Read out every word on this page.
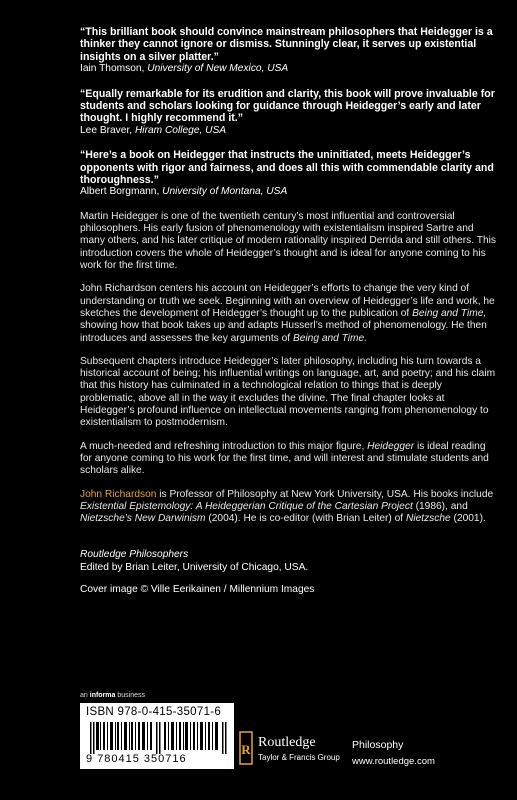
“This brilliant book should convince mainstream philosophers that Heidegger is a thinker they cannot ignore or dismiss. Stunningly clear, it serves up existential insights on a silver platter.”
Iain Thomson, University of New Mexico, USA
“Equally remarkable for its erudition and clarity, this book will prove invaluable for students and scholars looking for guidance through Heidegger’s early and later thought. I highly recommend it.”
Lee Braver, Hiram College, USA
“Here’s a book on Heidegger that instructs the uninitiated, meets Heidegger’s opponents with rigor and fairness, and does all this with commendable clarity and thoroughness.”
Albert Borgmann, University of Montana, USA

Martin Heidegger is one of the twentieth century’s most influential and controversial philosophers. His early fusion of phenomenology with existentialism inspired Sartre and many others, and his later critique of modern rationality inspired Derrida and still others. This introduction covers the whole of Heidegger’s thought and is ideal for anyone coming to his work for the first time.

John Richardson centers his account on Heidegger’s efforts to change the very kind of understanding or truth we seek. Beginning with an overview of Heidegger’s life and work, he sketches the development of Heidegger’s thought up to the publication of Being and Time, showing how that book takes up and adapts Husserl’s method of phenomenology. He then introduces and assesses the key arguments of Being and Time.

Subsequent chapters introduce Heidegger’s later philosophy, including his turn towards a historical account of being; his influential writings on language, art, and poetry; and his claim that this history has culminated in a technological relation to things that is deeply problematic, above all in the way it excludes the divine. The final chapter looks at Heidegger’s profound influence on intellectual movements ranging from phenomenology to existentialism to postmodernism.

A much-needed and refreshing introduction to this major figure, Heidegger is ideal reading for anyone coming to his work for the first time, and will interest and stimulate students and scholars alike.

John Richardson is Professor of Philosophy at New York University, USA. His books include Existential Epistemology: A Heideggerian Critique of the Cartesian Project (1986), and Nietzsche’s New Darwinism (2004). He is co-editor (with Brian Leiter) of Nietzsche (2001).

Routledge Philosophers
Edited by Brian Leiter, University of Chicago, USA.
Cover image © Ville Eerikainen / Millennium Images
an informa business
ISBN 978-0-415-35071-6
9 780415 350716
R Routledge
Taylor & Francis Group
Philosophy
www.routledge.com
